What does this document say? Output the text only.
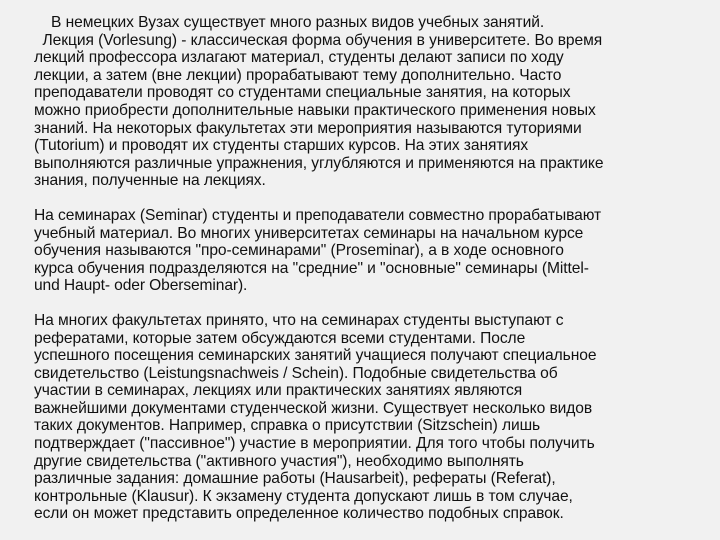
В немецких Вузах существует много разных видов учебных занятий.
Лекция (Vorlesung) - классическая форма обучения в университете. Во время
лекций профессора излагают материал, студенты делают записи по ходу
лекции, а затем (вне лекции) прорабатывают тему дополнительно. Часто
преподаватели проводят со студентами специальные занятия, на которых
можно приобрести дополнительные навыки практического применения новых
знаний. На некоторых факультетах эти мероприятия называются туториями
(Tutorium) и проводят их студенты старших курсов. На этих занятиях
выполняются различные упражнения, углубляются и применяются на практике
знания, полученные на лекциях.
На семинарах (Seminar) студенты и преподаватели совместно прорабатывают
учебный материал. Во многих университетах семинары на начальном курсе
обучения называются "про-семинарами" (Proseminar), а в ходе основного
курса обучения подразделяются на "средние" и "основные" семинары (Mittel-
und Haupt- oder Oberseminar).
На многих факультетах принято, что на семинарах студенты выступают с
рефератами, которые затем обсуждаются всеми студентами. После
успешного посещения семинарских занятий учащиеся получают специальное
свидетельство (Leistungsnachweis / Schein). Подобные свидетельства об
участии в семинарах, лекциях или практических занятиях являются
важнейшими документами студенческой жизни. Существует несколько видов
таких документов. Например, справка о присутствии (Sitzschein) лишь
подтверждает ("пассивное") участие в мероприятии. Для того чтобы получить
другие свидетельства ("активного участия"), необходимо выполнять
различные задания: домашние работы (Hausarbeit), рефераты (Referat),
контрольные (Klausur). К экзамену студента допускают лишь в том случае,
если он может представить определенное количество подобных справок.
